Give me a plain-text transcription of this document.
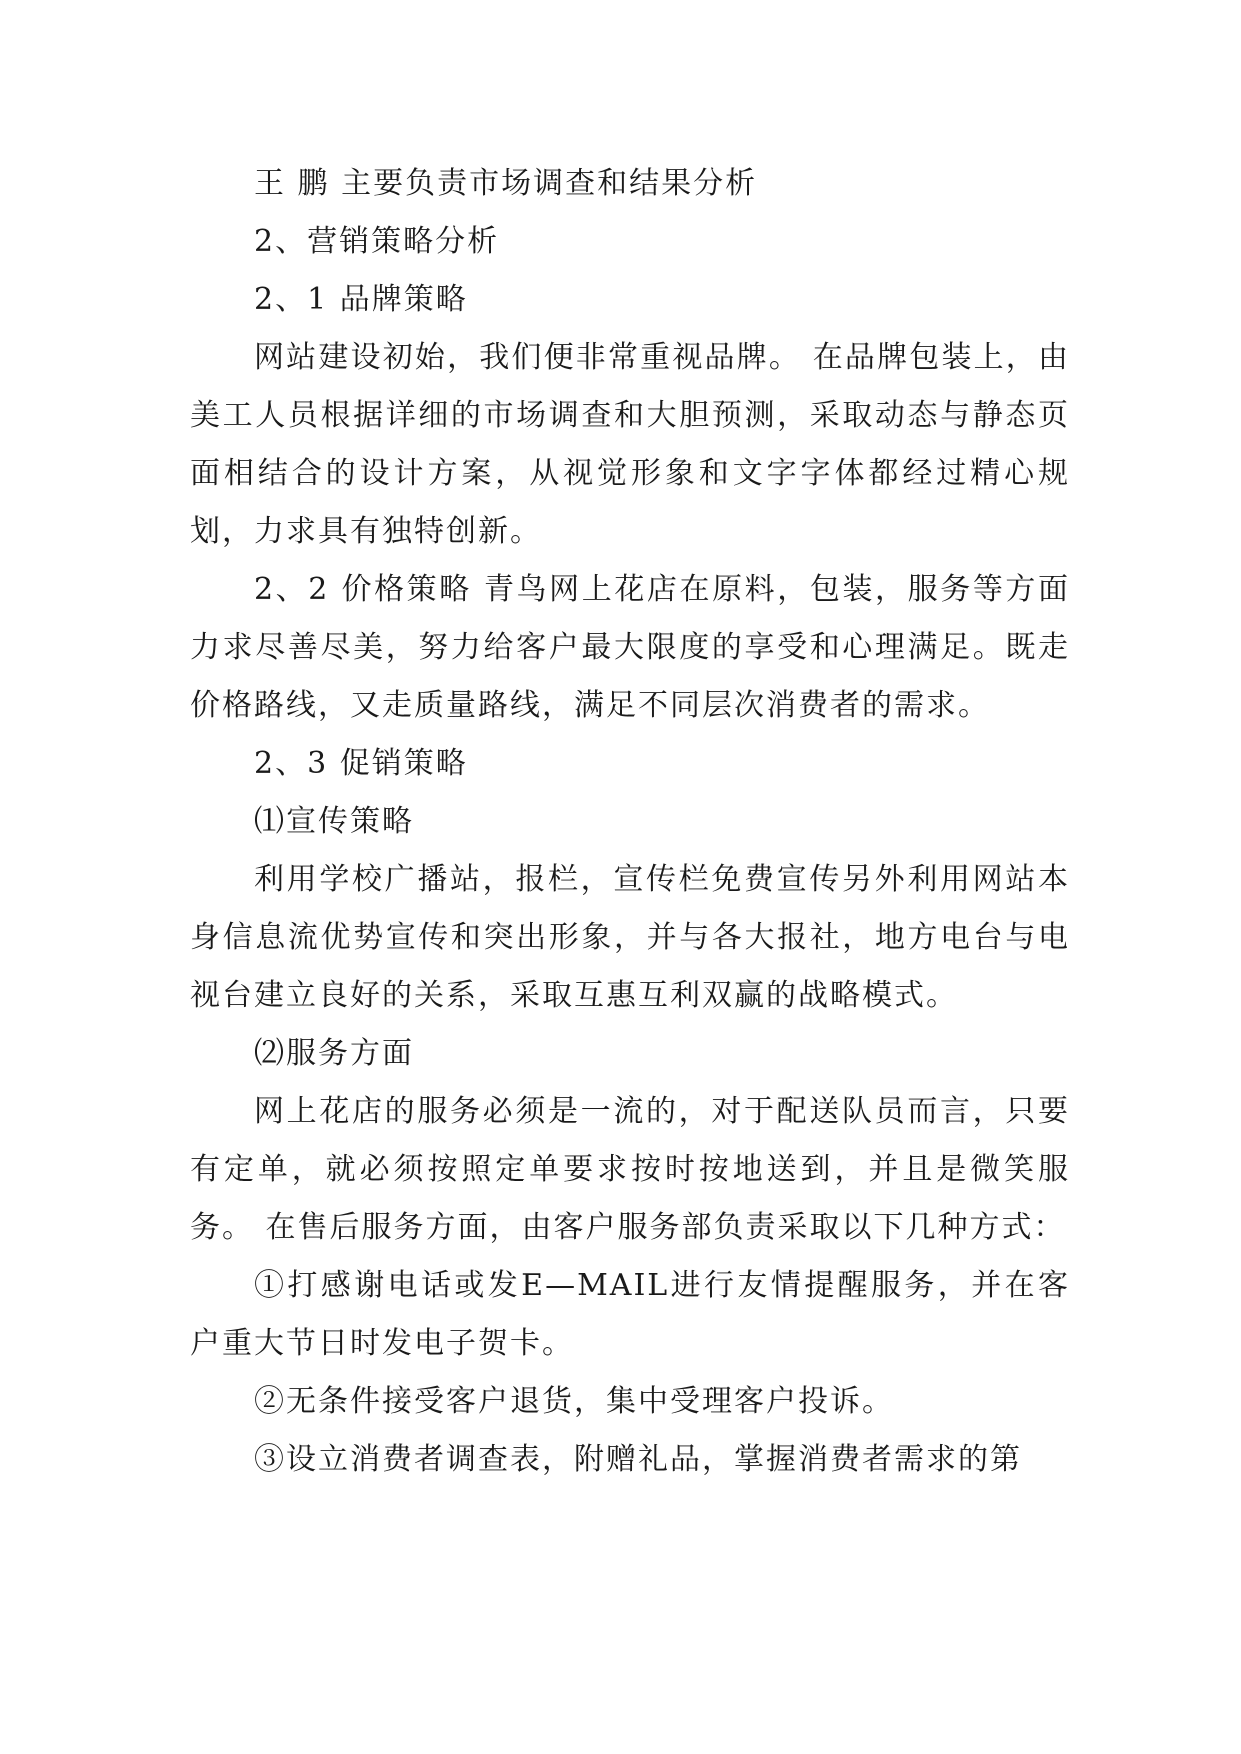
王 鹏 主要负责市场调查和结果分析

2、营销策略分析

2、1 品牌策略

网站建设初始，我们便非常重视品牌。 在品牌包装上，由美工人员根据详细的市场调查和大胆预测，采取动态与静态页面相结合的设计方案，从视觉形象和文字字体都经过精心规划，力求具有独特创新。

2、2 价格策略 青鸟网上花店在原料，包装，服务等方面力求尽善尽美，努力给客户最大限度的享受和心理满足。既走价格路线，又走质量路线，满足不同层次消费者的需求。

2、3 促销策略

⑴宣传策略

利用学校广播站，报栏，宣传栏免费宣传另外利用网站本身信息流优势宣传和突出形象，并与各大报社，地方电台与电视台建立良好的关系，采取互惠互利双赢的战略模式。

⑵服务方面

网上花店的服务必须是一流的，对于配送队员而言，只要有定单，就必须按照定单要求按时按地送到，并且是微笑服务。 在售后服务方面，由客户服务部负责采取以下几种方式：

①打感谢电话或发E—MAIL进行友情提醒服务，并在客户重大节日时发电子贺卡。

②无条件接受客户退货，集中受理客户投诉。

③设立消费者调查表，附赠礼品，掌握消费者需求的第
